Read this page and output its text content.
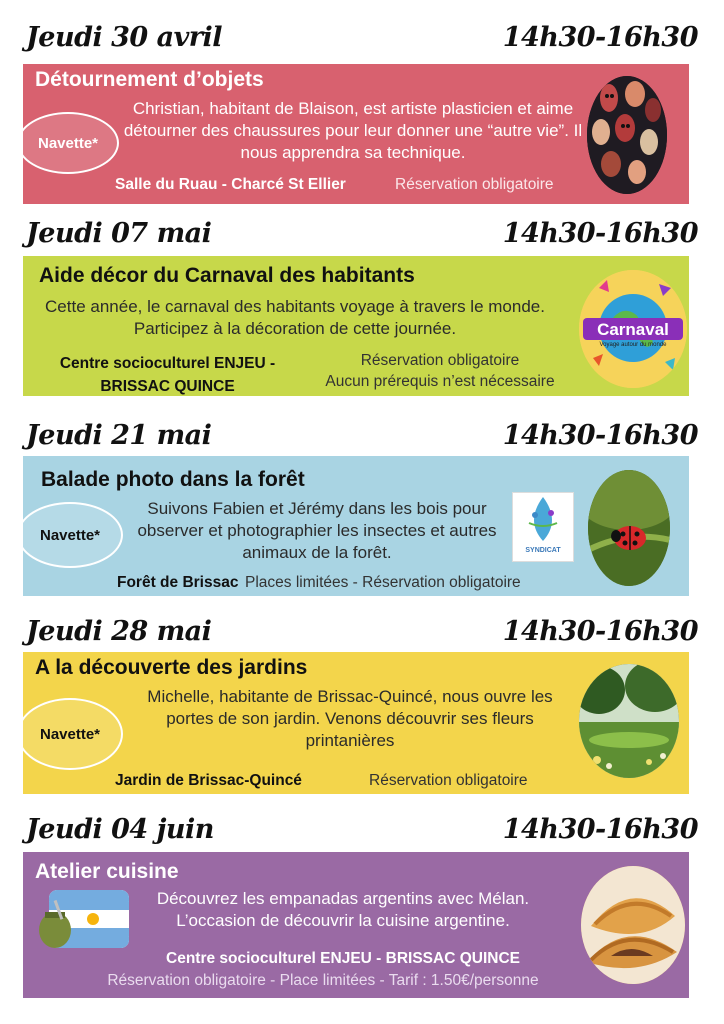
Jeudi 30 avril	14h30-16h30
Détournement d’objets
Navette*
Christian, habitant de Blaison, est artiste plasticien et aime détourner des chaussures pour leur donner une “autre vie”. Il nous apprendra sa technique.
Salle du Ruau - Charcé St Ellier	Réservation obligatoire
Jeudi 07 mai	14h30-16h30
Aide décor du Carnaval des habitants
Cette année, le carnaval des habitants voyage à travers le monde. Participez à la décoration de cette journée.
Centre socioculturel ENJEU - BRISSAC QUINCE
Réservation obligatoire
Aucun prérequis n’est nécessaire
Carnaval
Voyage autour du monde
Jeudi 21 mai	14h30-16h30
Balade photo dans la forêt
Navette*
Suivons Fabien et Jérémy dans les bois pour observer et photographier les insectes et autres animaux de la forêt.
Forêt de Brissac Places limitées - Réservation obligatoire
SYNDICAT
Jeudi 28 mai	14h30-16h30
A la découverte des jardins
Navette*
Michelle, habitante de Brissac-Quincé, nous ouvre les portes de son jardin. Venons découvrir ses fleurs printanières
Jardin de Brissac-Quincé	Réservation obligatoire
Jeudi 04 juin	14h30-16h30
Atelier cuisine
Découvrez les empanadas argentins avec Mélan. L’occasion de découvrir la cuisine argentine.
Centre socioculturel ENJEU - BRISSAC QUINCE
Réservation obligatoire - Place limitées - Tarif : 1.50€/personne
